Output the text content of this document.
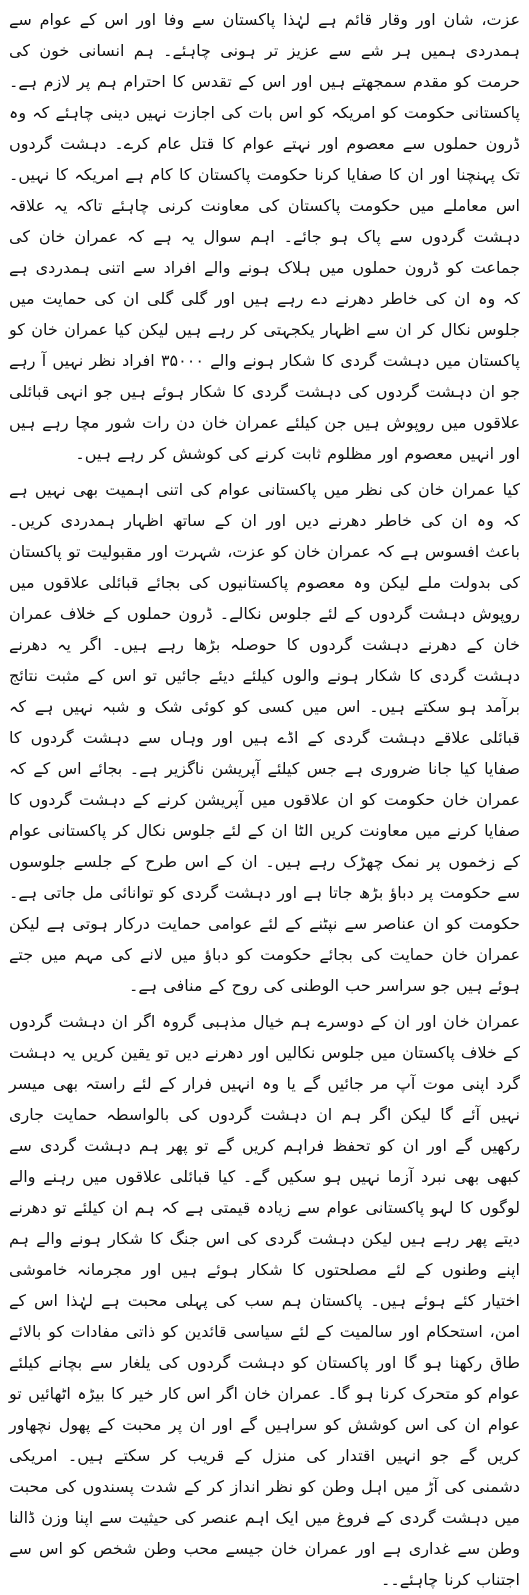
عزت، شان اور وقار قائم ہے لہٰذا پاکستان سے وفا اور اس کے عوام سے ہمدردی ہمیں ہر شے سے عزیز تر ہونی چاہئے۔ ہم انسانی خون کی حرمت کو مقدم سمجھتے ہیں اور اس کے تقدس کا احترام ہم پر لازم ہے۔ پاکستانی حکومت کو امریکہ کو اس بات کی اجازت نہیں دینی چاہئے کہ وہ ڈرون حملوں سے معصوم اور نہتے عوام کا قتل عام کرے۔ دہشت گردوں تک پہنچنا اور ان کا صفایا کرنا حکومت پاکستان کا کام ہے امریکہ کا نہیں۔ اس معاملے میں حکومت پاکستان کی معاونت کرنی چاہئے تاکہ یہ علاقہ دہشت گردوں سے پاک ہو جائے۔ اہم سوال یہ ہے کہ عمران خان کی جماعت کو ڈرون حملوں میں ہلاک ہونے والے افراد سے اتنی ہمدردی ہے کہ وہ ان کی خاطر دھرنے دے رہے ہیں اور گلی گلی ان کی حمایت میں جلوس نکال کر ان سے اظہار یکجہتی کر رہے ہیں لیکن کیا عمران خان کو پاکستان میں دہشت گردی کا شکار ہونے والے ۳۵۰۰۰ افراد نظر نہیں آ رہے جو ان دہشت گردوں کی دہشت گردی کا شکار ہوئے ہیں جو انہی قبائلی علاقوں میں روپوش ہیں جن کیلئے عمران خان دن رات شور مچا رہے ہیں اور انہیں معصوم اور مظلوم ثابت کرنے کی کوشش کر رہے ہیں۔

کیا عمران خان کی نظر میں پاکستانی عوام کی اتنی اہمیت بھی نہیں ہے کہ وہ ان کی خاطر دھرنے دیں اور ان کے ساتھ اظہار ہمدردی کریں۔ باعث افسوس ہے کہ عمران خان کو عزت، شہرت اور مقبولیت تو پاکستان کی بدولت ملے لیکن وہ معصوم پاکستانیوں کی بجائے قبائلی علاقوں میں روپوش دہشت گردوں کے لئے جلوس نکالے۔ ڈرون حملوں کے خلاف عمران خان کے دھرنے دہشت گردوں کا حوصلہ بڑھا رہے ہیں۔ اگر یہ دھرنے دہشت گردی کا شکار ہونے والوں کیلئے دیئے جائیں تو اس کے مثبت نتائج برآمد ہو سکتے ہیں۔ اس میں کسی کو کوئی شک و شبہ نہیں ہے کہ قبائلی علاقے دہشت گردی کے اڈے ہیں اور وہاں سے دہشت گردوں کا صفایا کیا جانا ضروری ہے جس کیلئے آپریشن ناگزیر ہے۔ بجائے اس کے کہ عمران خان حکومت کو ان علاقوں میں آپریشن کرنے کے دہشت گردوں کا صفایا کرنے میں معاونت کریں الٹا ان کے لئے جلوس نکال کر پاکستانی عوام کے زخموں پر نمک چھڑک رہے ہیں۔ ان کے اس طرح کے جلسے جلوسوں سے حکومت پر دباؤ بڑھ جاتا ہے اور دہشت گردی کو توانائی مل جاتی ہے۔ حکومت کو ان عناصر سے نپٹنے کے لئے عوامی حمایت درکار ہوتی ہے لیکن عمران خان حمایت کی بجائے حکومت کو دباؤ میں لانے کی مہم میں جتے ہوئے ہیں جو سراسر حب الوطنی کی روح کے منافی ہے۔

عمران خان اور ان کے دوسرے ہم خیال مذہبی گروہ اگر ان دہشت گردوں کے خلاف پاکستان میں جلوس نکالیں اور دھرنے دیں تو یقین کریں یہ دہشت گرد اپنی موت آپ مر جائیں گے یا وہ انہیں فرار کے لئے راستہ بھی میسر نہیں آئے گا لیکن اگر ہم ان دہشت گردوں کی بالواسطہ حمایت جاری رکھیں گے اور ان کو تحفظ فراہم کریں گے تو پھر ہم دہشت گردی سے کبھی بھی نبرد آزما نہیں ہو سکیں گے۔ کیا قبائلی علاقوں میں رہنے والے لوگوں کا لہو پاکستانی عوام سے زیادہ قیمتی ہے کہ ہم ان کیلئے تو دھرنے دیتے پھر رہے ہیں لیکن دہشت گردی کی اس جنگ کا شکار ہونے والے ہم اپنے وطنوں کے لئے مصلحتوں کا شکار ہوئے ہیں اور مجرمانہ خاموشی اختیار کئے ہوئے ہیں۔ پاکستان ہم سب کی پہلی محبت ہے لہٰذا اس کے امن، استحکام اور سالمیت کے لئے سیاسی قائدین کو ذاتی مفادات کو بالائے طاق رکھنا ہو گا اور پاکستان کو دہشت گردوں کی یلغار سے بچانے کیلئے عوام کو متحرک کرنا ہو گا۔ عمران خان اگر اس کار خیر کا بیڑہ اٹھائیں تو عوام ان کی اس کوشش کو سراہیں گے اور ان پر محبت کے پھول نچھاور کریں گے جو انہیں اقتدار کی منزل کے قریب کر سکتے ہیں۔ امریکی دشمنی کی آڑ میں اہل وطن کو نظر انداز کر کے شدت پسندوں کی محبت میں دہشت گردی کے فروغ میں ایک اہم عنصر کی حیثیت سے اپنا وزن ڈالنا وطن سے غداری ہے اور عمران خان جیسے محب وطن شخص کو اس سے اجتناب کرنا چاہئے۔۔
